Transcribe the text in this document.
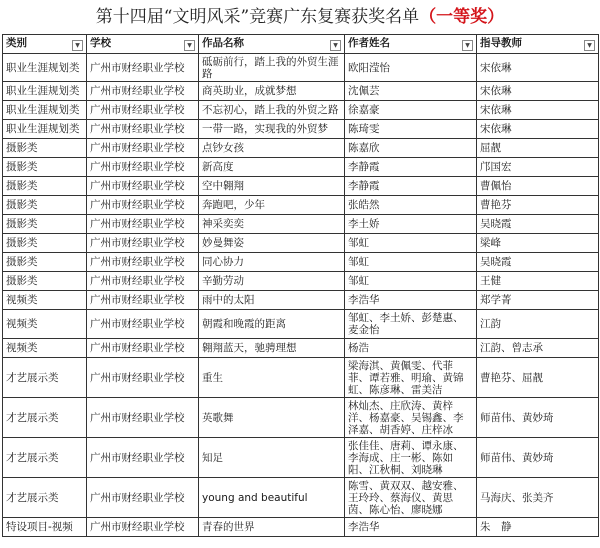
第十四届“文明风采”竞赛广东复赛获奖名单（一等奖）
类别 ▼	学校 ▼	作品名称 ▼	作者姓名 ▼	指导教师 ▼

职业生涯规划类	广州市财经职业学校	砥砺前行，踏上我的外贸生涯路	欧阳滢怡	宋依琳
职业生涯规划类	广州市财经职业学校	商英助业，成就梦想	沈佩芸	宋依琳
职业生涯规划类	广州市财经职业学校	不忘初心，踏上我的外贸之路	徐嘉豪	宋依琳
职业生涯规划类	广州市财经职业学校	一带一路，实现我的外贸梦	陈琦雯	宋依琳
摄影类	广州市财经职业学校	点钞女孩	陈嘉欣	屈靓
摄影类	广州市财经职业学校	新高度	李静霞	邝国宏
摄影类	广州市财经职业学校	空中翱翔	李静霞	曹佩怡
摄影类	广州市财经职业学校	奔跑吧，少年	张皓然	曹艳芬
摄影类	广州市财经职业学校	神采奕奕	李土娇	吴晓霞
摄影类	广州市财经职业学校	妙曼舞姿	邹虹	梁峰
摄影类	广州市财经职业学校	同心协力	邹虹	吴晓霞
摄影类	广州市财经职业学校	辛勤劳动	邹虹	王健
视频类	广州市财经职业学校	雨中的太阳	李浩华	郑学菁
视频类	广州市财经职业学校	朝霞和晚霞的距离	邹虹、李土娇、彭楚惠、麦金怡	江韵
视频类	广州市财经职业学校	翱翔蓝天，驰骋理想	杨浩	江韵、曾志承
才艺展示类	广州市财经职业学校	重生	梁海淇、黄佩雯、代菲菲、谭若雅、明瑜、黄锦虹、陈彦琳、雷美洁	曹艳芬、屈靓
才艺展示类	广州市财经职业学校	英歌舞	林灿杰、庄欣涛、黄梓洋、杨嘉豪、吴锡鑫、李泽嘉、胡香婷、庄梓冰	师苗伟、黄妙琦
才艺展示类	广州市财经职业学校	知足	张佳佳、唐莉、谭永康、李海成、庄一彬、陈如阳、江秋桐、刘晓琳	师苗伟、黄妙琦
才艺展示类	广州市财经职业学校	young and beautiful	陈雪、黄双双、越安雅、王玲玲、蔡海仪、黄思茵、陈心怡、廖晓娜	马海庆、张美齐
特设项目-视频	广州市财经职业学校	青春的世界	李浩华	朱　静
